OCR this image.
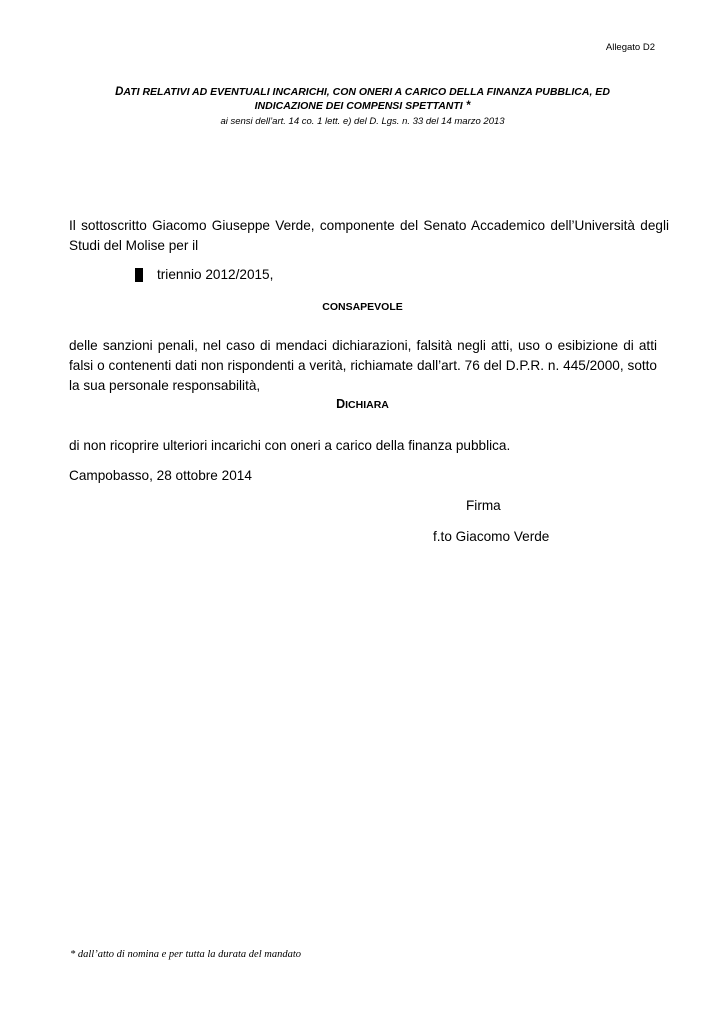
Allegato D2
DATI RELATIVI AD EVENTUALI INCARICHI, CON ONERI A CARICO DELLA FINANZA PUBBLICA, ED
INDICAZIONE DEI COMPENSI SPETTANTI *
ai sensi dell’art. 14 co. 1 lett. e) del D. Lgs. n. 33 del 14 marzo 2013
Il sottoscritto Giacomo Giuseppe Verde, componente del Senato Accademico dell’Università degli Studi del Molise per il
triennio 2012/2015,
CONSAPEVOLE
delle sanzioni penali, nel caso di mendaci dichiarazioni, falsità negli atti, uso o esibizione di atti falsi o contenenti dati non rispondenti a verità, richiamate dall’art. 76 del D.P.R. n. 445/2000, sotto la sua personale responsabilità,
DICHIARA
di non ricoprire ulteriori incarichi con oneri a carico della finanza pubblica.
Campobasso, 28 ottobre 2014
Firma
f.to Giacomo Verde
* dall’atto di nomina e per tutta la durata del mandato
